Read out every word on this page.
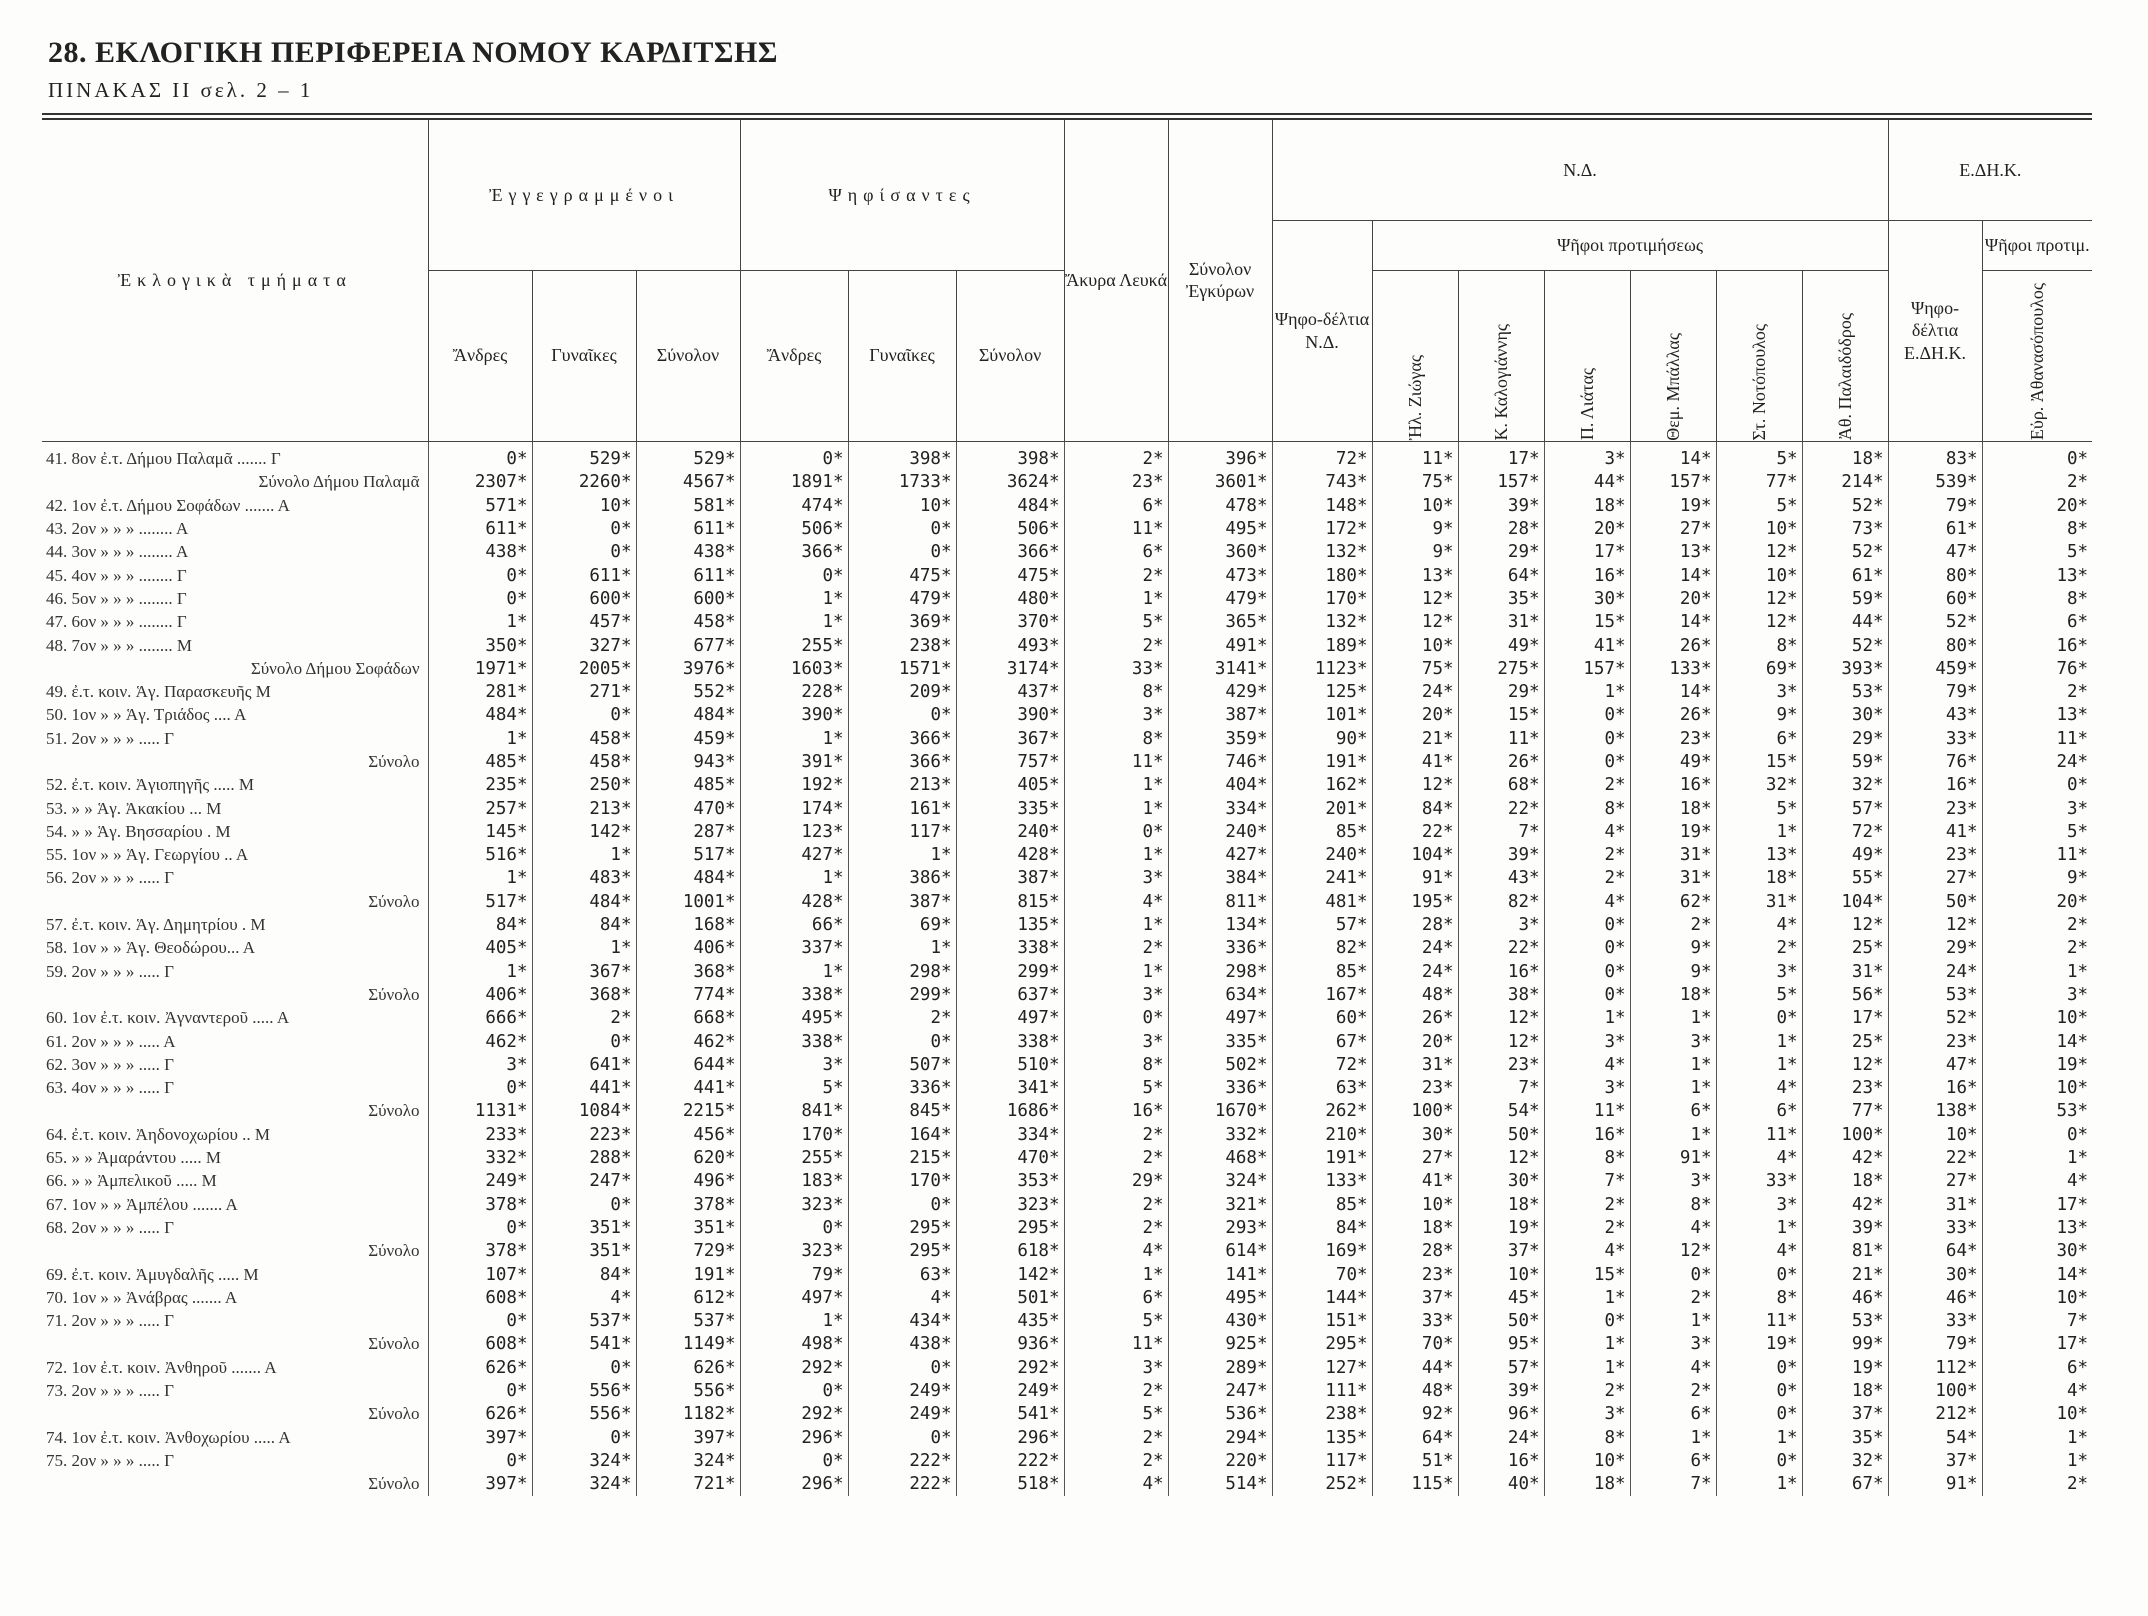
28. ΕΚΛΟΓΙΚΗ ΠΕΡΙΦΕΡΕΙΑ ΝΟΜΟΥ ΚΑΡΔΙΤΣΗΣ
ΠΙΝΑΚΑΣ ΙΙ σελ. 2 – 1
Ἐκλογικὰ τμήματα	Ἐγγεγραμμένοι			Ψηφίσαντες			Ἄκυρα Λευκά	Σύνολον Ἐγκύρων	Ν.Δ.							Ε.ΔΗ.Κ.	
									Ψηφο-δέλτια Ν.Δ.	Ψῆφοι προτιμήσεως						Ψηφο-δέλτια Ε.ΔΗ.Κ.	Ψῆφοι προτιμ.
	Ἄνδρες	Γυναῖκες	Σύνολον	Ἄνδρες	Γυναῖκες	Σύνολον				Ἠλ. Ζιώγας	Κ. Καλογιάννης	Π. Λιάτας	Θεμ. Μπάλλας	Στ. Νοτόπουλος	Ἀθ. Παλαιδόδρος		Εὐρ. Ἀθανασόπουλος

41. 8ον ἐ.τ. Δήμου Παλαμᾶ ....... Γ	0*	529*	529*	0*	398*	398*	2*	396*	72*	11*	17*	3*	14*	5*	18*	83*	0*

Σύνολο Δήμου Παλαμᾶ	2307*	2260*	4567*	1891*	1733*	3624*	23*	3601*	743*	75*	157*	44*	157*	77*	214*	539*	2*
42. 1ον ἐ.τ. Δήμου Σοφάδων ....... Α	571*	10*	581*	474*	10*	484*	6*	478*	148*	10*	39*	18*	19*	5*	52*	79*	20*
43. 2ον » » » ........ Α	611*	0*	611*	506*	0*	506*	11*	495*	172*	9*	28*	20*	27*	10*	73*	61*	8*
44. 3ον » » » ........ Α	438*	0*	438*	366*	0*	366*	6*	360*	132*	9*	29*	17*	13*	12*	52*	47*	5*
45. 4ον » » » ........ Γ	0*	611*	611*	0*	475*	475*	2*	473*	180*	13*	64*	16*	14*	10*	61*	80*	13*
46. 5ον » » » ........ Γ	0*	600*	600*	1*	479*	480*	1*	479*	170*	12*	35*	30*	20*	12*	59*	60*	8*
47. 6ον » » » ........ Γ	1*	457*	458*	1*	369*	370*	5*	365*	132*	12*	31*	15*	14*	12*	44*	52*	6*
48. 7ον » » » ........ Μ	350*	327*	677*	255*	238*	493*	2*	491*	189*	10*	49*	41*	26*	8*	52*	80*	16*

Σύνολο Δήμου Σοφάδων	1971*	2005*	3976*	1603*	1571*	3174*	33*	3141*	1123*	75*	275*	157*	133*	69*	393*	459*	76*
49. ἐ.τ. κοιν. Ἁγ. Παρασκευῆς Μ	281*	271*	552*	228*	209*	437*	8*	429*	125*	24*	29*	1*	14*	3*	53*	79*	2*
50. 1ον » » Ἁγ. Τριάδος .... Α	484*	0*	484*	390*	0*	390*	3*	387*	101*	20*	15*	0*	26*	9*	30*	43*	13*
51. 2ον » » » ..... Γ	1*	458*	459*	1*	366*	367*	8*	359*	90*	21*	11*	0*	23*	6*	29*	33*	11*

Σύνολο	485*	458*	943*	391*	366*	757*	11*	746*	191*	41*	26*	0*	49*	15*	59*	76*	24*
52. ἐ.τ. κοιν. Ἀγιοπηγῆς ..... Μ	235*	250*	485*	192*	213*	405*	1*	404*	162*	12*	68*	2*	16*	32*	32*	16*	0*
53. » » Ἁγ. Ἀκακίου ... Μ	257*	213*	470*	174*	161*	335*	1*	334*	201*	84*	22*	8*	18*	5*	57*	23*	3*
54. » » Ἁγ. Βησσαρίου . Μ	145*	142*	287*	123*	117*	240*	0*	240*	85*	22*	7*	4*	19*	1*	72*	41*	5*
55. 1ον » » Ἁγ. Γεωργίου .. Α	516*	1*	517*	427*	1*	428*	1*	427*	240*	104*	39*	2*	31*	13*	49*	23*	11*
56. 2ον » » » ..... Γ	1*	483*	484*	1*	386*	387*	3*	384*	241*	91*	43*	2*	31*	18*	55*	27*	9*

Σύνολο	517*	484*	1001*	428*	387*	815*	4*	811*	481*	195*	82*	4*	62*	31*	104*	50*	20*
57. ἐ.τ. κοιν. Ἁγ. Δημητρίου . Μ	84*	84*	168*	66*	69*	135*	1*	134*	57*	28*	3*	0*	2*	4*	12*	12*	2*
58. 1ον » » Ἁγ. Θεοδώρου... Α	405*	1*	406*	337*	1*	338*	2*	336*	82*	24*	22*	0*	9*	2*	25*	29*	2*
59. 2ον » » » ..... Γ	1*	367*	368*	1*	298*	299*	1*	298*	85*	24*	16*	0*	9*	3*	31*	24*	1*

Σύνολο	406*	368*	774*	338*	299*	637*	3*	634*	167*	48*	38*	0*	18*	5*	56*	53*	3*
60. 1ον ἐ.τ. κοιν. Ἀγναντεροῦ ..... Α	666*	2*	668*	495*	2*	497*	0*	497*	60*	26*	12*	1*	1*	0*	17*	52*	10*
61. 2ον » » » ..... Α	462*	0*	462*	338*	0*	338*	3*	335*	67*	20*	12*	3*	3*	1*	25*	23*	14*
62. 3ον » » » ..... Γ	3*	641*	644*	3*	507*	510*	8*	502*	72*	31*	23*	4*	1*	1*	12*	47*	19*
63. 4ον » » » ..... Γ	0*	441*	441*	5*	336*	341*	5*	336*	63*	23*	7*	3*	1*	4*	23*	16*	10*

Σύνολο	1131*	1084*	2215*	841*	845*	1686*	16*	1670*	262*	100*	54*	11*	6*	6*	77*	138*	53*
64. ἐ.τ. κοιν. Ἀηδονοχωρίου .. Μ	233*	223*	456*	170*	164*	334*	2*	332*	210*	30*	50*	16*	1*	11*	100*	10*	0*
65. » » Ἀμαράντου ..... Μ	332*	288*	620*	255*	215*	470*	2*	468*	191*	27*	12*	8*	91*	4*	42*	22*	1*
66. » » Ἀμπελικοῦ ..... Μ	249*	247*	496*	183*	170*	353*	29*	324*	133*	41*	30*	7*	3*	33*	18*	27*	4*
67. 1ον » » Ἀμπέλου ....... Α	378*	0*	378*	323*	0*	323*	2*	321*	85*	10*	18*	2*	8*	3*	42*	31*	17*
68. 2ον » » » ..... Γ	0*	351*	351*	0*	295*	295*	2*	293*	84*	18*	19*	2*	4*	1*	39*	33*	13*

Σύνολο	378*	351*	729*	323*	295*	618*	4*	614*	169*	28*	37*	4*	12*	4*	81*	64*	30*
69. ἐ.τ. κοιν. Ἀμυγδαλῆς ..... Μ	107*	84*	191*	79*	63*	142*	1*	141*	70*	23*	10*	15*	0*	0*	21*	30*	14*
70. 1ον » » Ἀνάβρας ....... Α	608*	4*	612*	497*	4*	501*	6*	495*	144*	37*	45*	1*	2*	8*	46*	46*	10*
71. 2ον » » » ..... Γ	0*	537*	537*	1*	434*	435*	5*	430*	151*	33*	50*	0*	1*	11*	53*	33*	7*

Σύνολο	608*	541*	1149*	498*	438*	936*	11*	925*	295*	70*	95*	1*	3*	19*	99*	79*	17*
72. 1ον ἐ.τ. κοιν. Ἀνθηροῦ ....... Α	626*	0*	626*	292*	0*	292*	3*	289*	127*	44*	57*	1*	4*	0*	19*	112*	6*
73. 2ον » » » ..... Γ	0*	556*	556*	0*	249*	249*	2*	247*	111*	48*	39*	2*	2*	0*	18*	100*	4*

Σύνολο	626*	556*	1182*	292*	249*	541*	5*	536*	238*	92*	96*	3*	6*	0*	37*	212*	10*
74. 1ον ἐ.τ. κοιν. Ἀνθοχωρίου ..... Α	397*	0*	397*	296*	0*	296*	2*	294*	135*	64*	24*	8*	1*	1*	35*	54*	1*
75. 2ον » » » ..... Γ	0*	324*	324*	0*	222*	222*	2*	220*	117*	51*	16*	10*	6*	0*	32*	37*	1*

Σύνολο	397*	324*	721*	296*	222*	518*	4*	514*	252*	115*	40*	18*	7*	1*	67*	91*	2*
